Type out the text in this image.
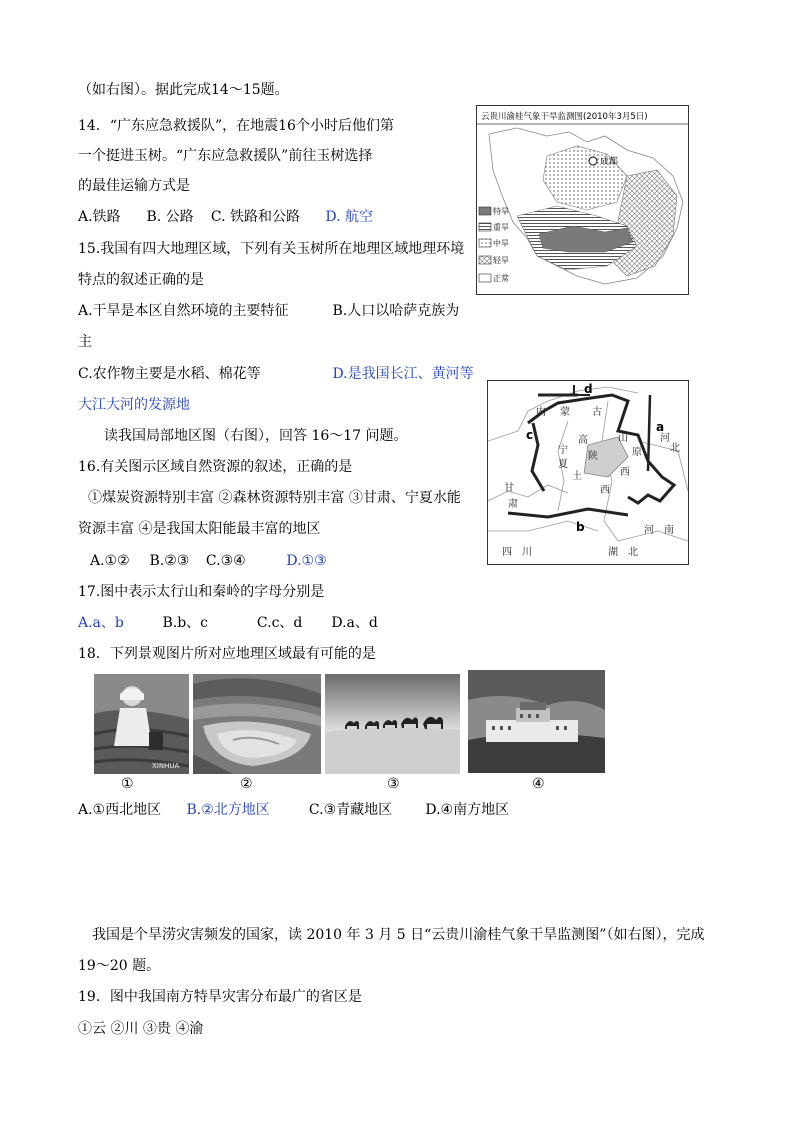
（如右图）。据此完成14～15题。
14．“广东应急救援队”，在地震16个小时后他们第
一个挺进玉树。“广东应急救援队”前往玉树选择
的最佳运输方式是
A.铁路 B. 公路 C. 铁路和公路 D. 航空
15.我国有四大地理区域，下列有关玉树所在地理区域地理环境
特点的叙述正确的是
A.干旱是本区自然环境的主要特征	B.人口以哈萨克族为
主
C.农作物主要是水稻、棉花等	D.是我国长江、黄河等
大江大河的发源地
读我国局部地区图（右图），回答 16～17 问题。
16.有关图示区域自然资源的叙述，正确的是
①煤炭资源特别丰富 ②森林资源特别丰富 ③甘肃、宁夏水能
资源丰富 ④是我国太阳能最丰富的地区
A.①② B.②③ C.③④	D.①③
17.图中表示太行山和秦岭的字母分别是
A.a、b	B.b、c	C.c、d D.a、d
18．下列景观图片所对应地理区域最有可能的是
XINHUA
①	②	③	④
A.①西北地区 B.②北方地区	C.③青藏地区 D.④南方地区
我国是个旱涝灾害频发的国家，读 2010 年 3 月 5 日“云贵川渝桂气象干旱监测图”（如右图），完成
19～20 题。
19．图中我国南方特旱灾害分布最广的省区是
①云 ②川 ③贵 ④渝
云贵川渝桂气象干旱监测图(2010年3月5日)
成都
特旱
重旱
中旱
轻旱
正常
内 蒙 古
宁
夏
陕
西
甘
肃
山
西
河
北
四 川	湖 北
河 南
高
土
原
a
b
c
d
